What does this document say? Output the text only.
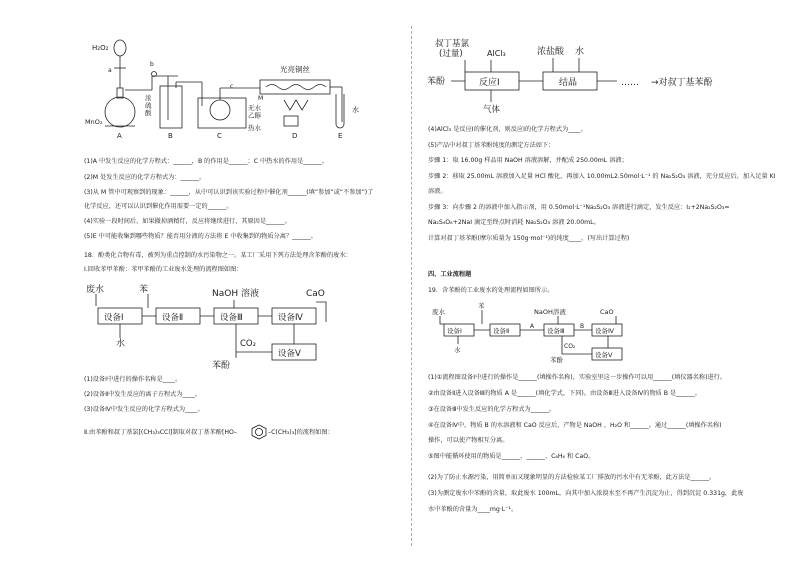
H₂O₂
a
MnO₂
A
b
浓硫酸
B
c
无水乙醇
热水
C
光亮铜丝
M
D
水
E
(1)A 中发生反应的化学方程式：______，B 的作用是______；C 中热水的作用是______。
(2)M 处发生反应的化学方程式为：______。
(3)从 M 管中可观察到的现象：______，从中可认识到该实验过程中催化剂______(填“参加”或“不参加”)了
化学反应，还可以认识到催化作用需要一定的______。
(4)实验一段时间后，如果撤掉酒精灯，反应将继续进行，其原因是______。
(5)E 中可能收集到哪些物质？能否用分液的方法将 E 中收集到的物质分离？______。
18．酚类化合物有毒，被列为重点控制的水污染物之一。某工厂采用下列方法处理含苯酚的废水：
Ⅰ.回收苯甲苯酚：苯甲苯酚的工业废水处理的流程图如图：
废水	苯	NaOH 溶液	CaO
设备Ⅰ	设备Ⅱ	设备Ⅲ	设备Ⅳ
设备Ⅴ
水
苯酚
CO₂
(1)设备Ⅰ中进行的操作名称是____。
(2)设备Ⅱ中发生反应的离子方程式为____。
(3)设备Ⅳ中发生反应的化学方程式为____。
Ⅱ.由苯酚和叔丁基氯[(CH₃)₃CCl]制取对叔丁基苯酚[HO–	–C(CH₃)₃]的流程如图：
叔丁基氯
(过量)	AlCl₃
苯酚	反应Ⅰ
浓盐酸 水
结晶	…… →对叔丁基苯酚
气体
(4)AlCl₃ 是反应Ⅰ的催化剂，则反应Ⅰ的化学方程式为____。
(5)产品中对叔丁基苯酚纯度的测定方法如下：
步骤 1：取 16.00g 样品用 NaOH 溶液溶解，并配成 250.00mL 溶液；
步骤 2：移取 25.00mL 溶液加入足量 HCl 酸化，再加入 10.00mL2.50mol·L⁻¹ 的 Na₂S₂O₃ 溶液，充分反应后，加入足量 KI
溶液。
步骤 3：向步骤 2 的溶液中加入指示剂，用 0.50mol·L⁻¹Na₂S₂O₃ 溶液进行滴定，发生反应：I₂+2Na₂S₂O₃=
Na₂S₄O₆+2NaI 滴定至终点时消耗 Na₂S₂O₃ 溶液 20.00mL。
计算对叔丁基苯酚(摩尔质量为 150g·mol⁻¹)的纯度____。(写出计算过程)
四、工业流程题
19．含苯酚的工业废水的处理流程如图所示。
废水
苯
NaOH溶液	CaO
设备Ⅰ	设备Ⅱ	设备Ⅲ	设备Ⅳ
设备Ⅴ
A	B
水	CO₂
苯酚
(1)①流程图设备Ⅰ中进行的操作是______(填操作名称)，实验室里这一步操作可以用______(填仪器名称)进行。
②由设备Ⅱ进入设备Ⅲ的物质 A 是______(填化学式，下同)。由设备Ⅲ进入设备Ⅳ的物质 B 是______。
③在设备Ⅲ中发生反应的化学方程式为______。
④在设备Ⅳ中，物质 B 的水溶液和 CaO 反应后，产物是 NaOH 、H₂O 和______。通过______(填操作名称)
操作，可以使产物相互分离。
⑤图中能循环使用的物质是______、______、C₆H₆ 和 CaO。
(2)为了防止水源污染，用简单而又现象明显的方法检验某工厂排放的污水中有无苯酚，此方法是______。
(3)为测定废水中苯酚的含量，取此废水 100mL，向其中加入浓溴水至不再产生沉淀为止，得到沉淀 0.331g，此废
水中苯酚的含量为____mg·L⁻¹。
